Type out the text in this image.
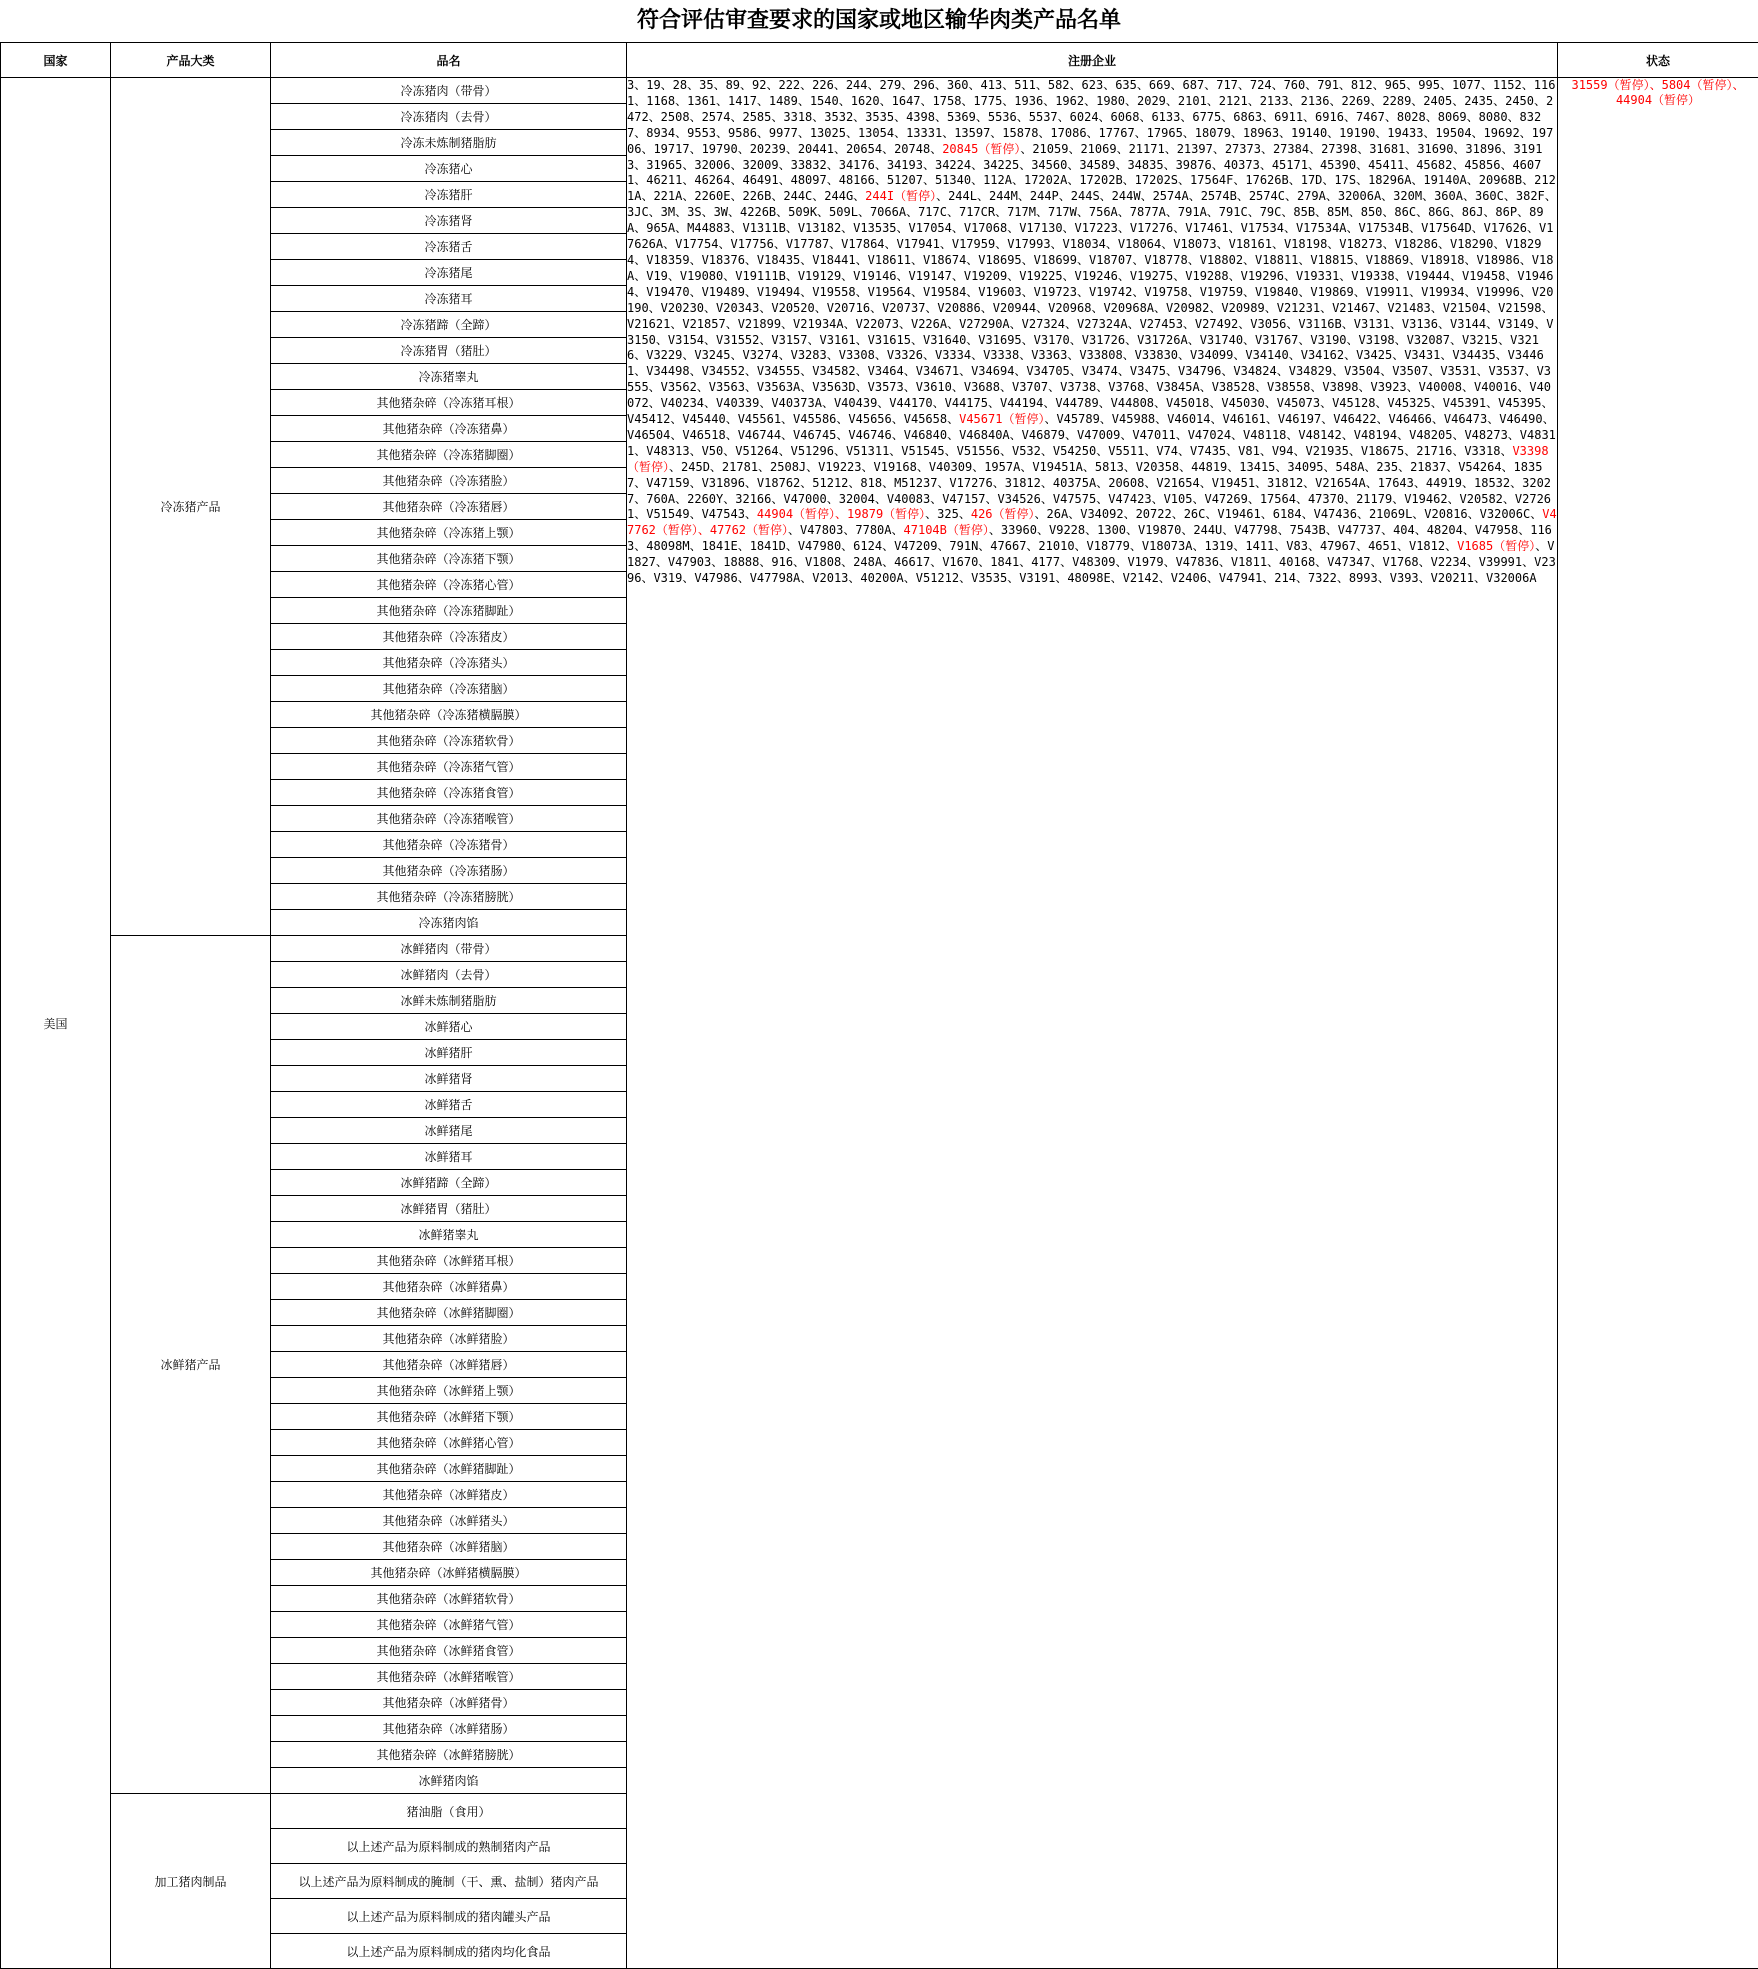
符合评估审查要求的国家或地区输华肉类产品名单
国家	产品大类	品名	注册企业	状态
美国	冷冻猪产品	冷冻猪肉（带骨）	3、19、28、35、89、92、222、226、244、279、296、360、413、511、582、623、635、669、687、717、724、760、791、812、965、995、1077、1152、1161、1168、1361、1417、1489、1540、1620、1647、1758、1775、1936、1962、1980、2029、2101、2121、2133、2136、2269、2289、2405、2435、2450、2472、2508、2574、2585、3318、3532、3535、4398、5369、5536、5537、6024、6068、6133、6775、6863、6911、6916、7467、8028、8069、8080、8327、8934、9553、9586、9977、13025、13054、13331、13597、15878、17086、17767、17965、18079、18963、19140、19190、19433、19504、19692、19706、19717、19790、20239、20441、20654、20748、20845（暂停）、21059、21069、21171、21397、27373、27384、27398、31681、31690、31896、31913、31965、32006、32009、33832、34176、34193、34224、34225、34560、34589、34835、39876、40373、45171、45390、45411、45682、45856、46071、46211、46264、46491、48097、48166、51207、51340、112A、17202A、17202B、17202S、17564F、17626B、17D、17S、18296A、19140A、20968B、2121A、221A、2260E、226B、244C、244G、244I（暂停）、244L、244M、244P、244S、244W、2574A、2574B、2574C、279A、32006A、320M、360A、360C、382F、3JC、3M、3S、3W、4226B、509K、509L、7066A、717C、717CR、717M、717W、756A、7877A、791A、791C、79C、85B、85M、850、86C、86G、86J、86P、89A、965A、M44883、V1311B、V13182、V13535、V17054、V17068、V17130、V17223、V17276、V17461、V17534、V17534A、V17534B、V17564D、V17626、V17626A、V17754、V17756、V17787、V17864、V17941、V17959、V17993、V18034、V18064、V18073、V18161、V18198、V18273、V18286、V18290、V18294、V18359、V18376、V18435、V18441、V18611、V18674、V18695、V18699、V18707、V18778、V18802、V18811、V18815、V18869、V18918、V18986、V18A、V19、V19080、V19111B、V19129、V19146、V19147、V19209、V19225、V19246、V19275、V19288、V19296、V19331、V19338、V19444、V19458、V19464、V19470、V19489、V19494、V19558、V19564、V19584、V19603、V19723、V19742、V19758、V19759、V19840、V19869、V19911、V19934、V19996、V20190、V20230、V20343、V20520、V20716、V20737、V20886、V20944、V20968、V20968A、V20982、V20989、V21231、V21467、V21483、V21504、V21598、V21621、V21857、V21899、V21934A、V22073、V226A、V27290A、V27324、V27324A、V27453、V27492、V3056、V3116B、V3131、V3136、V3144、V3149、V3150、V3154、V31552、V3157、V3161、V31615、V31640、V31695、V3170、V31726、V31726A、V31740、V31767、V3190、V3198、V32087、V3215、V3216、V3229、V3245、V3274、V3283、V3308、V3326、V3334、V3338、V3363、V33808、V33830、V34099、V34140、V34162、V3425、V3431、V34435、V34461、V34498、V34552、V34555、V34582、V3464、V34671、V34694、V34705、V3474、V3475、V34796、V34824、V34829、V3504、V3507、V3531、V3537、V3555、V3562、V3563、V3563A、V3563D、V3573、V3610、V3688、V3707、V3738、V3768、V3845A、V38528、V38558、V3898、V3923、V40008、V40016、V40072、V40234、V40339、V40373A、V40439、V44170、V44175、V44194、V44789、V44808、V45018、V45030、V45073、V45128、V45325、V45391、V45395、V45412、V45440、V45561、V45586、V45656、V45658、V45671（暂停）、V45789、V45988、V46014、V46161、V46197、V46422、V46466、V46473、V46490、V46504、V46518、V46744、V46745、V46746、V46840、V46840A、V46879、V47009、V47011、V47024、V48118、V48142、V48194、V48205、V48273、V48311、V48313、V50、V51264、V51296、V51311、V51545、V51556、V532、V54250、V5511、V74、V7435、V81、V94、V21935、V18675、21716、V3318、V3398（暂停）、245D、21781、2508J、V19223、V19168、V40309、1957A、V19451A、5813、V20358、44819、13415、34095、548A、235、21837、V54264、18357、V47159、V31896、V18762、51212、818、M51237、V17276、31812、40375A、20608、V21654、V19451、31812、V21654A、17643、44919、18532、32027、760A、2260Y、32166、V47000、32004、V40083、V47157、V34526、V47575、V47423、V105、V47269、17564、47370、21179、V19462、V20582、V27261、V51549、V47543、44904（暂停）、19879（暂停）、325、426（暂停）、26A、V34092、20722、26C、V19461、6184、V47436、21069L、V20816、V32006C、V47762（暂停）、47762（暂停）、V47803、7780A、47104B（暂停）、33960、V9228、1300、V19870、244U、V47798、7543B、V47737、404、48204、V47958、1163、48098M、1841E、1841D、V47980、6124、V47209、791N、47667、21010、V18779、V18073A、1319、1411、V83、47967、4651、V1812、V1685（暂停）、V1827、V47903、18888、916、V1808、248A、46617、V1670、1841、4177、V48309、V1979、V47836、V1811、40168、V47347、V1768、V2234、V39991、V2396、V319、V47986、V47798A、V2013、40200A、V51212、V3535、V3191、48098E、V2142、V2406、V47941、214、7322、8993、V393、V20211、V32006A	31559（暂停）、5804（暂停）、44904（暂停）
		冷冻猪肉（去骨）		
		冷冻未炼制猪脂肪		
		冷冻猪心		
		冷冻猪肝		
		冷冻猪肾		
		冷冻猪舌		
		冷冻猪尾		
		冷冻猪耳		
		冷冻猪蹄（全蹄）		
		冷冻猪胃（猪肚）		
		冷冻猪睾丸		
		其他猪杂碎（冷冻猪耳根）		
		其他猪杂碎（冷冻猪鼻）		
		其他猪杂碎（冷冻猪脚圈）		
		其他猪杂碎（冷冻猪脸）		
		其他猪杂碎（冷冻猪唇）		
		其他猪杂碎（冷冻猪上颚）		
		其他猪杂碎（冷冻猪下颚）		
		其他猪杂碎（冷冻猪心管）		
		其他猪杂碎（冷冻猪脚趾）		
		其他猪杂碎（冷冻猪皮）		
		其他猪杂碎（冷冻猪头）		
		其他猪杂碎（冷冻猪脑）		
		其他猪杂碎（冷冻猪横膈膜）		
		其他猪杂碎（冷冻猪软骨）		
		其他猪杂碎（冷冻猪气管）		
		其他猪杂碎（冷冻猪食管）		
		其他猪杂碎（冷冻猪喉管）		
		其他猪杂碎（冷冻猪骨）		
		其他猪杂碎（冷冻猪肠）		
		其他猪杂碎（冷冻猪膀胱）		
		冷冻猪肉馅		
	冰鲜猪产品	冰鲜猪肉（带骨）		
		冰鲜猪肉（去骨）		
		冰鲜未炼制猪脂肪		
		冰鲜猪心		
		冰鲜猪肝		
		冰鲜猪肾		
		冰鲜猪舌		
		冰鲜猪尾		
		冰鲜猪耳		
		冰鲜猪蹄（全蹄）		
		冰鲜猪胃（猪肚）		
		冰鲜猪睾丸		
		其他猪杂碎（冰鲜猪耳根）		
		其他猪杂碎（冰鲜猪鼻）		
		其他猪杂碎（冰鲜猪脚圈）		
		其他猪杂碎（冰鲜猪脸）		
		其他猪杂碎（冰鲜猪唇）		
		其他猪杂碎（冰鲜猪上颚）		
		其他猪杂碎（冰鲜猪下颚）		
		其他猪杂碎（冰鲜猪心管）		
		其他猪杂碎（冰鲜猪脚趾）		
		其他猪杂碎（冰鲜猪皮）		
		其他猪杂碎（冰鲜猪头）		
		其他猪杂碎（冰鲜猪脑）		
		其他猪杂碎（冰鲜猪横膈膜）		
		其他猪杂碎（冰鲜猪软骨）		
		其他猪杂碎（冰鲜猪气管）		
		其他猪杂碎（冰鲜猪食管）		
		其他猪杂碎（冰鲜猪喉管）		
		其他猪杂碎（冰鲜猪骨）		
		其他猪杂碎（冰鲜猪肠）		
		其他猪杂碎（冰鲜猪膀胱）		
		冰鲜猪肉馅		
	加工猪肉制品	猪油脂（食用）		
		以上述产品为原料制成的熟制猪肉产品		
		以上述产品为原料制成的腌制（干、熏、盐制）猪肉产品		
		以上述产品为原料制成的猪肉罐头产品		
		以上述产品为原料制成的猪肉均化食品		
